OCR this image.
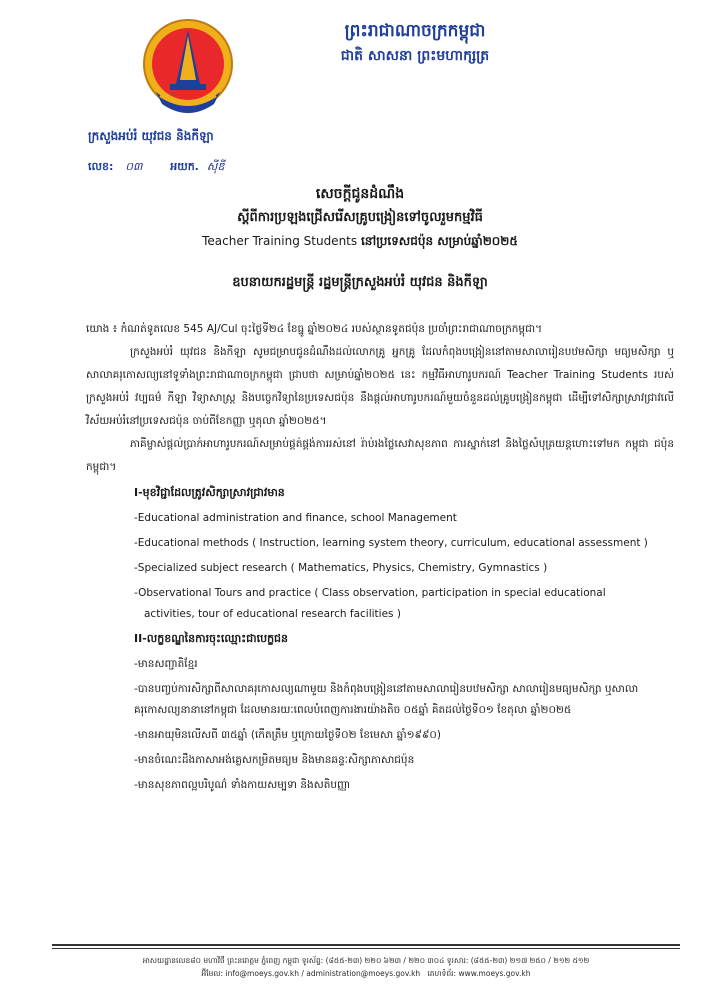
ព្រះរាជាណាចក្រកម្ពុជា
ជាតិ សាសនា ព្រះមហាក្សត្រ
ក្រសួងអប់រំ យុវជន និងកីឡា
លេខ: ០៣	អយក. ស៊ីឌី
សេចក្តីជូនដំណឹង
ស្តីពីការប្រឡងជ្រើសរើសគ្រូបង្រៀនទៅចូលរួមកម្មវិធី
Teacher Training Students នៅប្រទេសជប៉ុន សម្រាប់ឆ្នាំ២០២៥
ឧបនាយករដ្ឋមន្ត្រី រដ្ឋមន្ត្រីក្រសួងអប់រំ យុវជន និងកីឡា

យោង ៖ កំណត់ទូតលេខ 545 AJ/Cul ចុះថ្ងៃទី២៤ ខែធ្នូ ឆ្នាំ២០២៤ របស់ស្ថានទូតជប៉ុន ប្រចាំព្រះរាជាណាចក្រកម្ពុជា។

ក្រសួងអប់រំ យុវជន និងកីឡា សូមជម្រាបជូនដំណឹងដល់លោកគ្រូ អ្នកគ្រូ ដែលកំពុងបង្រៀននៅតាមសាលារៀនបឋមសិក្សា មធ្យមសិក្សា ឬសាលាគរុកោសល្យនៅទូទាំងព្រះរាជាណាចក្រកម្ពុជា ជ្រាបថា សម្រាប់ឆ្នាំ២០២៥ នេះ កម្មវិធីអាហារូបករណ៍ Teacher Training Students របស់ក្រសួងអប់រំ វប្បធម៌ កីឡា វិទ្យាសាស្ត្រ និងបច្ចេកវិទ្យានៃប្រទេសជប៉ុន នឹងផ្តល់អាហារូបករណ៍មួយចំនួនដល់គ្រូបង្រៀនកម្ពុជា ដើម្បីទៅសិក្សាស្រាវជ្រាវលើវិស័យអប់រំនៅប្រទេសជប៉ុន ចាប់ពីខែកញ្ញា ឬតុលា ឆ្នាំ២០២៥។

ភាគីម្ចាស់ផ្តល់ប្រាក់អាហារូបករណ៍សម្រាប់ផ្គត់ផ្គង់ការរស់នៅ រ៉ាប់រងថ្លៃសេវាសុខភាព ការស្នាក់នៅ និងថ្លៃសំបុត្រយន្តហោះទៅមក កម្ពុជា ជប៉ុន កម្ពុជា។

I-មុខវិជ្ជាដែលត្រូវសិក្សាស្រាវជ្រាវមាន
-Educational administration and finance, school Management
-Educational methods ( Instruction, learning system theory, curriculum, educational assessment )
-Specialized subject research ( Mathematics, Physics, Chemistry, Gymnastics )
-Observational Tours and practice ( Class observation, participation in special educational
activities, tour of educational research facilities )
II-លក្ខខណ្ឌនៃការចុះឈ្មោះជាបេក្ខជន
-មានសញ្ជាតិខ្មែរ
-បានបញ្ចប់ការសិក្សាពីសាលាគរុកោសល្យណាមួយ និងកំពុងបង្រៀននៅតាមសាលារៀនបឋមសិក្សា សាលារៀនមធ្យមសិក្សា ឬសាលាគរុកោសល្យនានានៅកម្ពុជា ដែលមានរយៈពេលបំពេញការងារយ៉ាងតិច ០៥ឆ្នាំ គិតដល់ថ្ងៃទី០១ ខែតុលា ឆ្នាំ២០២៥
-មានអាយុមិនលើសពី ៣៥ឆ្នាំ (កើតត្រឹម ឬក្រោយថ្ងៃទី០២ ខែមេសា ឆ្នាំ១៩៩០)
-មានចំណេះដឹងភាសាអង់គ្លេសកម្រិតមធ្យម និងមានឆន្ទៈសិក្សាភាសាជប៉ុន
-មានសុខភាពល្អបរិបូណ៌ ទាំងកាយសម្បទា និងសតិបញ្ញា
អាសយដ្ឋានលេខ៨០ មហាវិថី ព្រះនរោត្តម ភ្នំពេញ កម្ពុជា ទូរស័ព្ទ: (៨៥៥-២៣) ២២០ ៦២៣ / ២២០ ៣០៤ ទូរសារ: (៨៥៥-២៣) ២១៧ ២៥០ / ២១២ ៥១២
អ៊ីមែល: info@moeys.gov.kh / administration@moeys.gov.kh គេហទំព័រ: www.moeys.gov.kh
